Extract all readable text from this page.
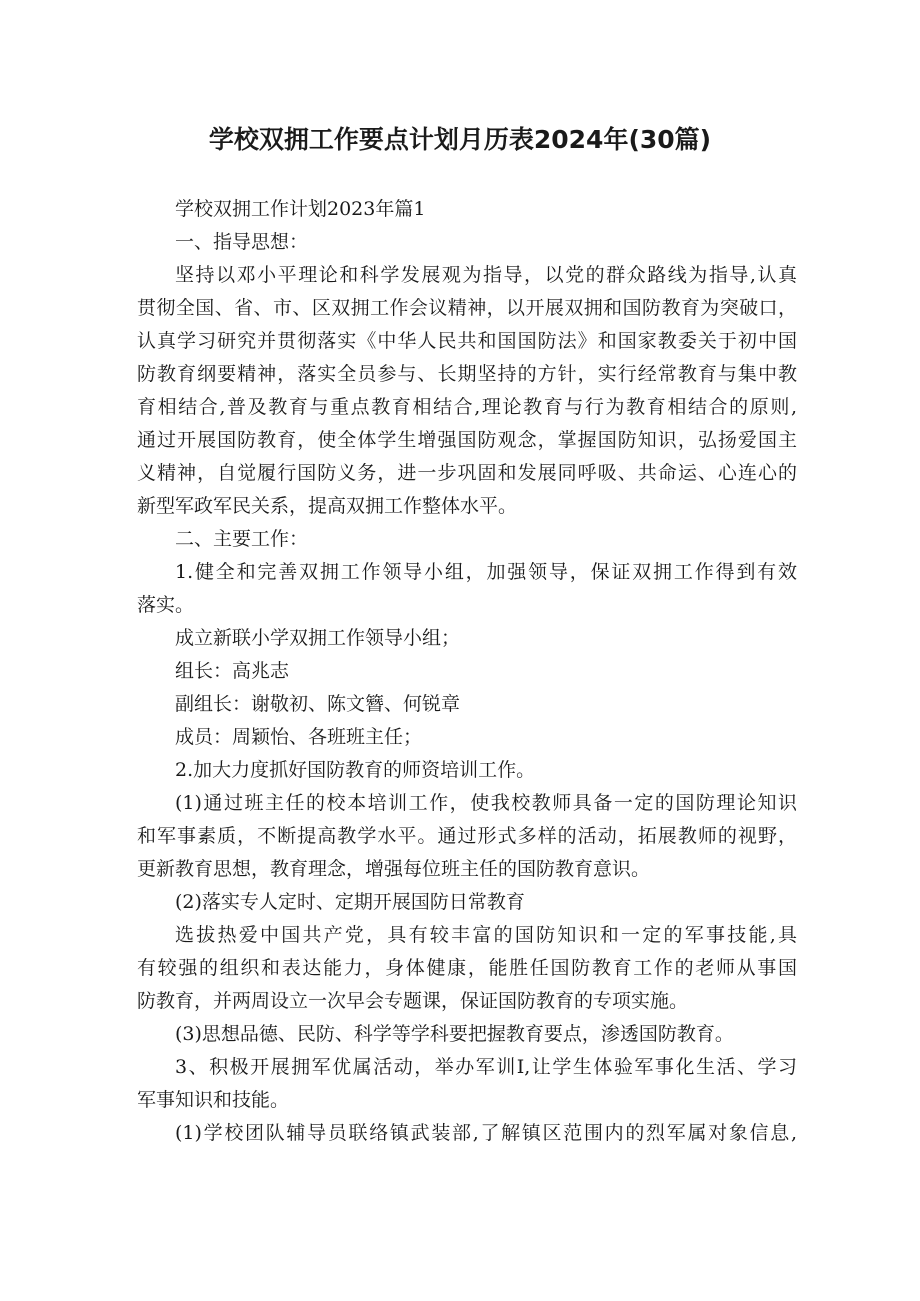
学校双拥工作要点计划月历表2024年(30篇)
学校双拥工作计划2023年篇1
一、指导思想：
坚持以邓小平理论和科学发展观为指导，以党的群众路线为指导,认真
贯彻全国、省、市、区双拥工作会议精神，以开展双拥和国防教育为突破口，
认真学习研究并贯彻落实《中华人民共和国国防法》和国家教委关于初中国
防教育纲要精神，落实全员参与、长期坚持的方针，实行经常教育与集中教
育相结合,普及教育与重点教育相结合,理论教育与行为教育相结合的原则,
通过开展国防教育，使全体学生增强国防观念，掌握国防知识，弘扬爱国主
义精神，自觉履行国防义务，进一步巩固和发展同呼吸、共命运、心连心的
新型军政军民关系，提高双拥工作整体水平。
二、主要工作：
1.健全和完善双拥工作领导小组，加强领导，保证双拥工作得到有效
落实。
成立新联小学双拥工作领导小组；
组长：高兆志
副组长：谢敬初、陈文簪、何锐章
成员：周颖怡、各班班主任；
2.加大力度抓好国防教育的师资培训工作。
(1)通过班主任的校本培训工作，使我校教师具备一定的国防理论知识
和军事素质，不断提高教学水平。通过形式多样的活动，拓展教师的视野，
更新教育思想，教育理念，增强每位班主任的国防教育意识。
(2)落实专人定时、定期开展国防日常教育
选拔热爱中国共产党，具有较丰富的国防知识和一定的军事技能,具
有较强的组织和表达能力，身体健康，能胜任国防教育工作的老师从事国
防教育，并两周设立一次早会专题课，保证国防教育的专项实施。
(3)思想品德、民防、科学等学科要把握教育要点，渗透国防教育。
3、积极开展拥军优属活动，举办军训I,让学生体验军事化生活、学习
军事知识和技能。
(1)学校团队辅导员联络镇武装部,了解镇区范围内的烈军属对象信息,
